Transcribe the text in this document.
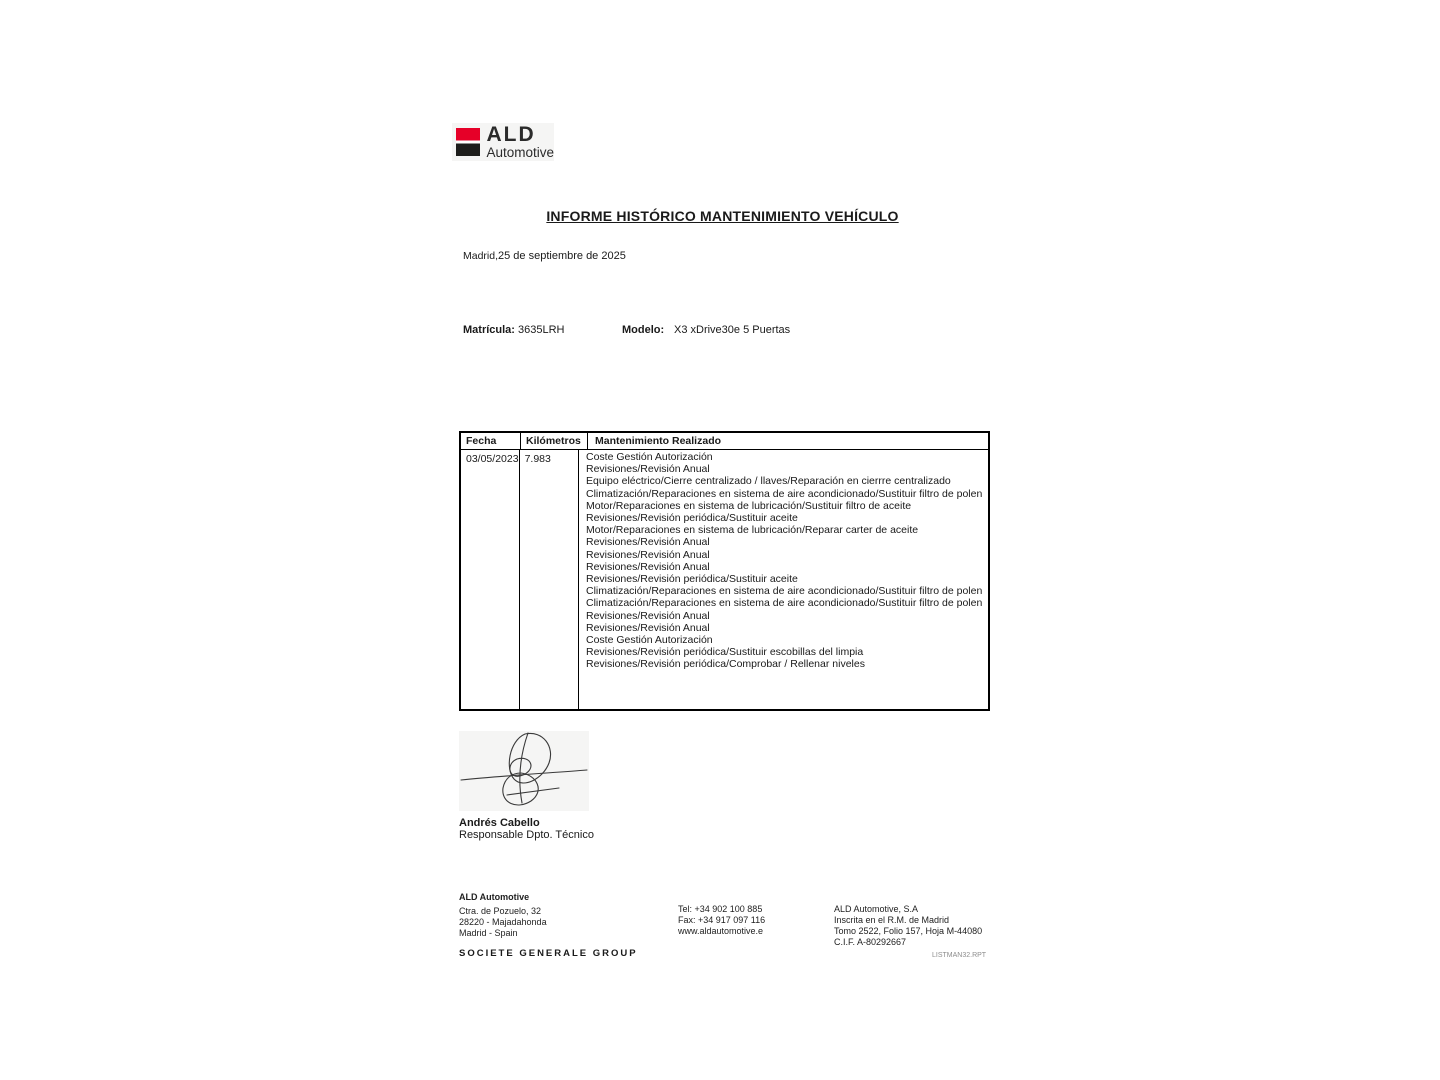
ALD
Automotive
INFORME HISTÓRICO MANTENIMIENTO VEHÍCULO
Madrid,25 de septiembre de 2025
Matrícula: 3635LRH	Modelo: X3 xDrive30e 5 Puertas
Fecha	Kilómetros	Mantenimiento Realizado
03/05/2023 7.983	Coste Gestión Autorización
Revisiones/Revisión Anual
Equipo eléctrico/Cierre centralizado / llaves/Reparación en cierrre centralizado
Climatización/Reparaciones en sistema de aire acondicionado/Sustituir filtro de polen
Motor/Reparaciones en sistema de lubricación/Sustituir filtro de aceite
Revisiones/Revisión periódica/Sustituir aceite
Motor/Reparaciones en sistema de lubricación/Reparar carter de aceite
Revisiones/Revisión Anual
Revisiones/Revisión Anual
Revisiones/Revisión Anual
Revisiones/Revisión periódica/Sustituir aceite
Climatización/Reparaciones en sistema de aire acondicionado/Sustituir filtro de polen
Climatización/Reparaciones en sistema de aire acondicionado/Sustituir filtro de polen
Revisiones/Revisión Anual
Revisiones/Revisión Anual
Coste Gestión Autorización
Revisiones/Revisión periódica/Sustituir escobillas del limpia
Revisiones/Revisión periódica/Comprobar / Rellenar niveles
Andrés Cabello
Responsable Dpto. Técnico
ALD Automotive
Ctra. de Pozuelo, 32
28220 - Majadahonda
Madrid - Spain
Tel: +34 902 100 885
Fax: +34 917 097 116
www.aldautomotive.e
ALD Automotive, S.A
Inscrita en el R.M. de Madrid
Tomo 2522, Folio 157, Hoja M-44080
C.I.F. A-80292667
SOCIETE GENERALE GROUP	LISTMAN32.RPT
